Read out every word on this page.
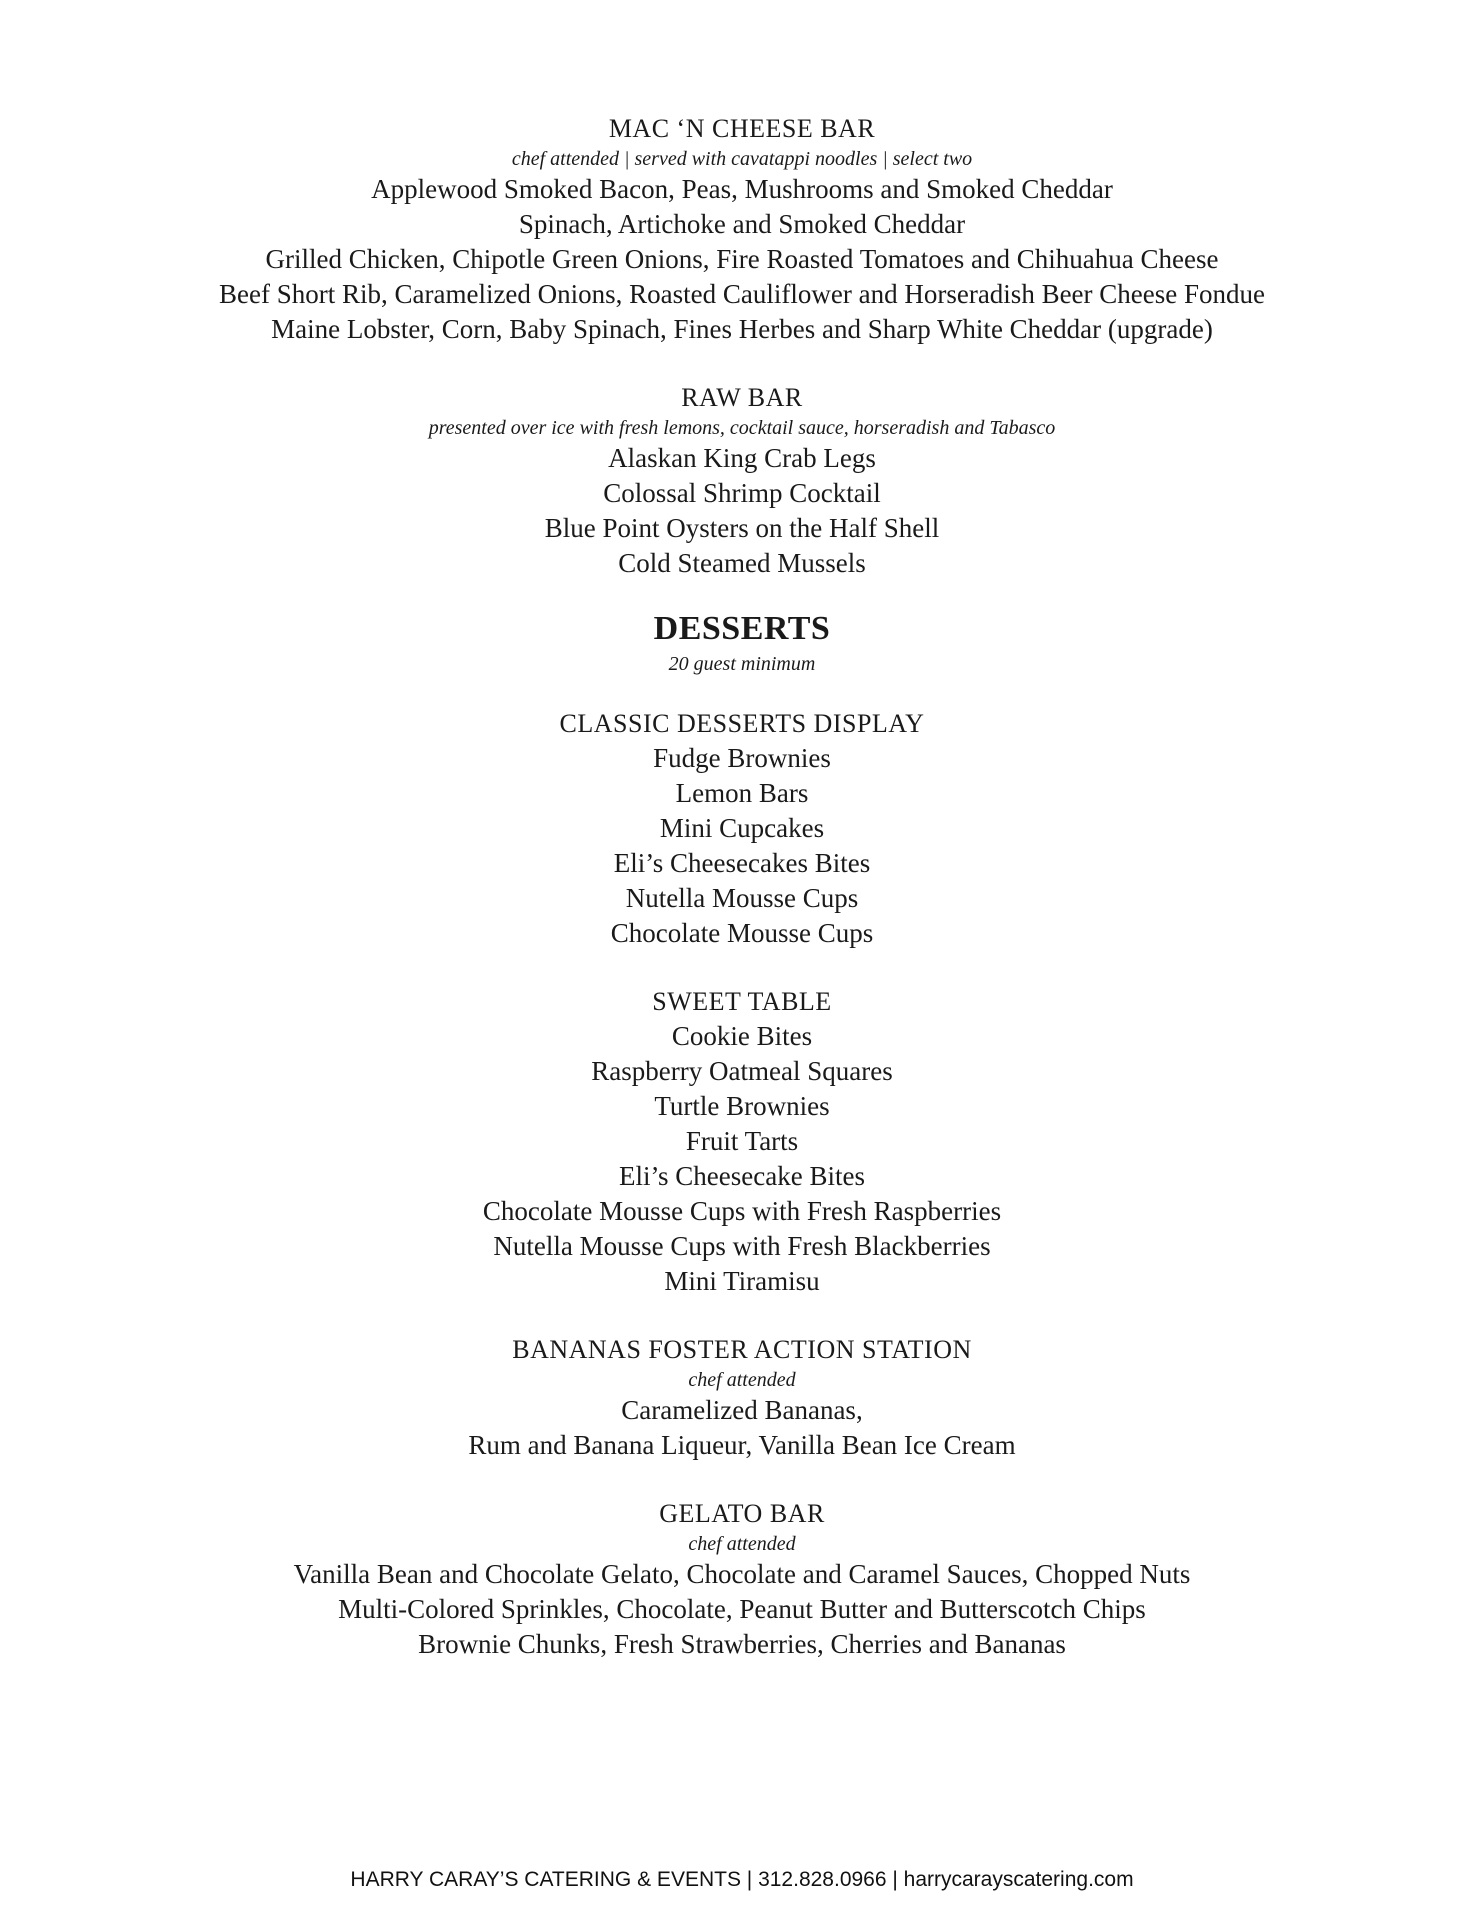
MAC ‘N CHEESE BAR

chef attended | served with cavatappi noodles | select two

Applewood Smoked Bacon, Peas, Mushrooms and Smoked Cheddar

Spinach, Artichoke and Smoked Cheddar

Grilled Chicken, Chipotle Green Onions, Fire Roasted Tomatoes and Chihuahua Cheese

Beef Short Rib, Caramelized Onions, Roasted Cauliflower and Horseradish Beer Cheese Fondue

Maine Lobster, Corn, Baby Spinach, Fines Herbes and Sharp White Cheddar (upgrade)

RAW BAR

presented over ice with fresh lemons, cocktail sauce, horseradish and Tabasco

Alaskan King Crab Legs

Colossal Shrimp Cocktail

Blue Point Oysters on the Half Shell

Cold Steamed Mussels

DESSERTS

20 guest minimum

CLASSIC DESSERTS DISPLAY

Fudge Brownies

Lemon Bars

Mini Cupcakes

Eli’s Cheesecakes Bites

Nutella Mousse Cups

Chocolate Mousse Cups

SWEET TABLE

Cookie Bites

Raspberry Oatmeal Squares

Turtle Brownies

Fruit Tarts

Eli’s Cheesecake Bites

Chocolate Mousse Cups with Fresh Raspberries

Nutella Mousse Cups with Fresh Blackberries

Mini Tiramisu

BANANAS FOSTER ACTION STATION

chef attended

Caramelized Bananas,

Rum and Banana Liqueur, Vanilla Bean Ice Cream

GELATO BAR

chef attended

Vanilla Bean and Chocolate Gelato, Chocolate and Caramel Sauces, Chopped Nuts

Multi-Colored Sprinkles, Chocolate, Peanut Butter and Butterscotch Chips

Brownie Chunks, Fresh Strawberries, Cherries and Bananas

HARRY CARAY’S CATERING & EVENTS | 312.828.0966 | harrycarayscatering.com
